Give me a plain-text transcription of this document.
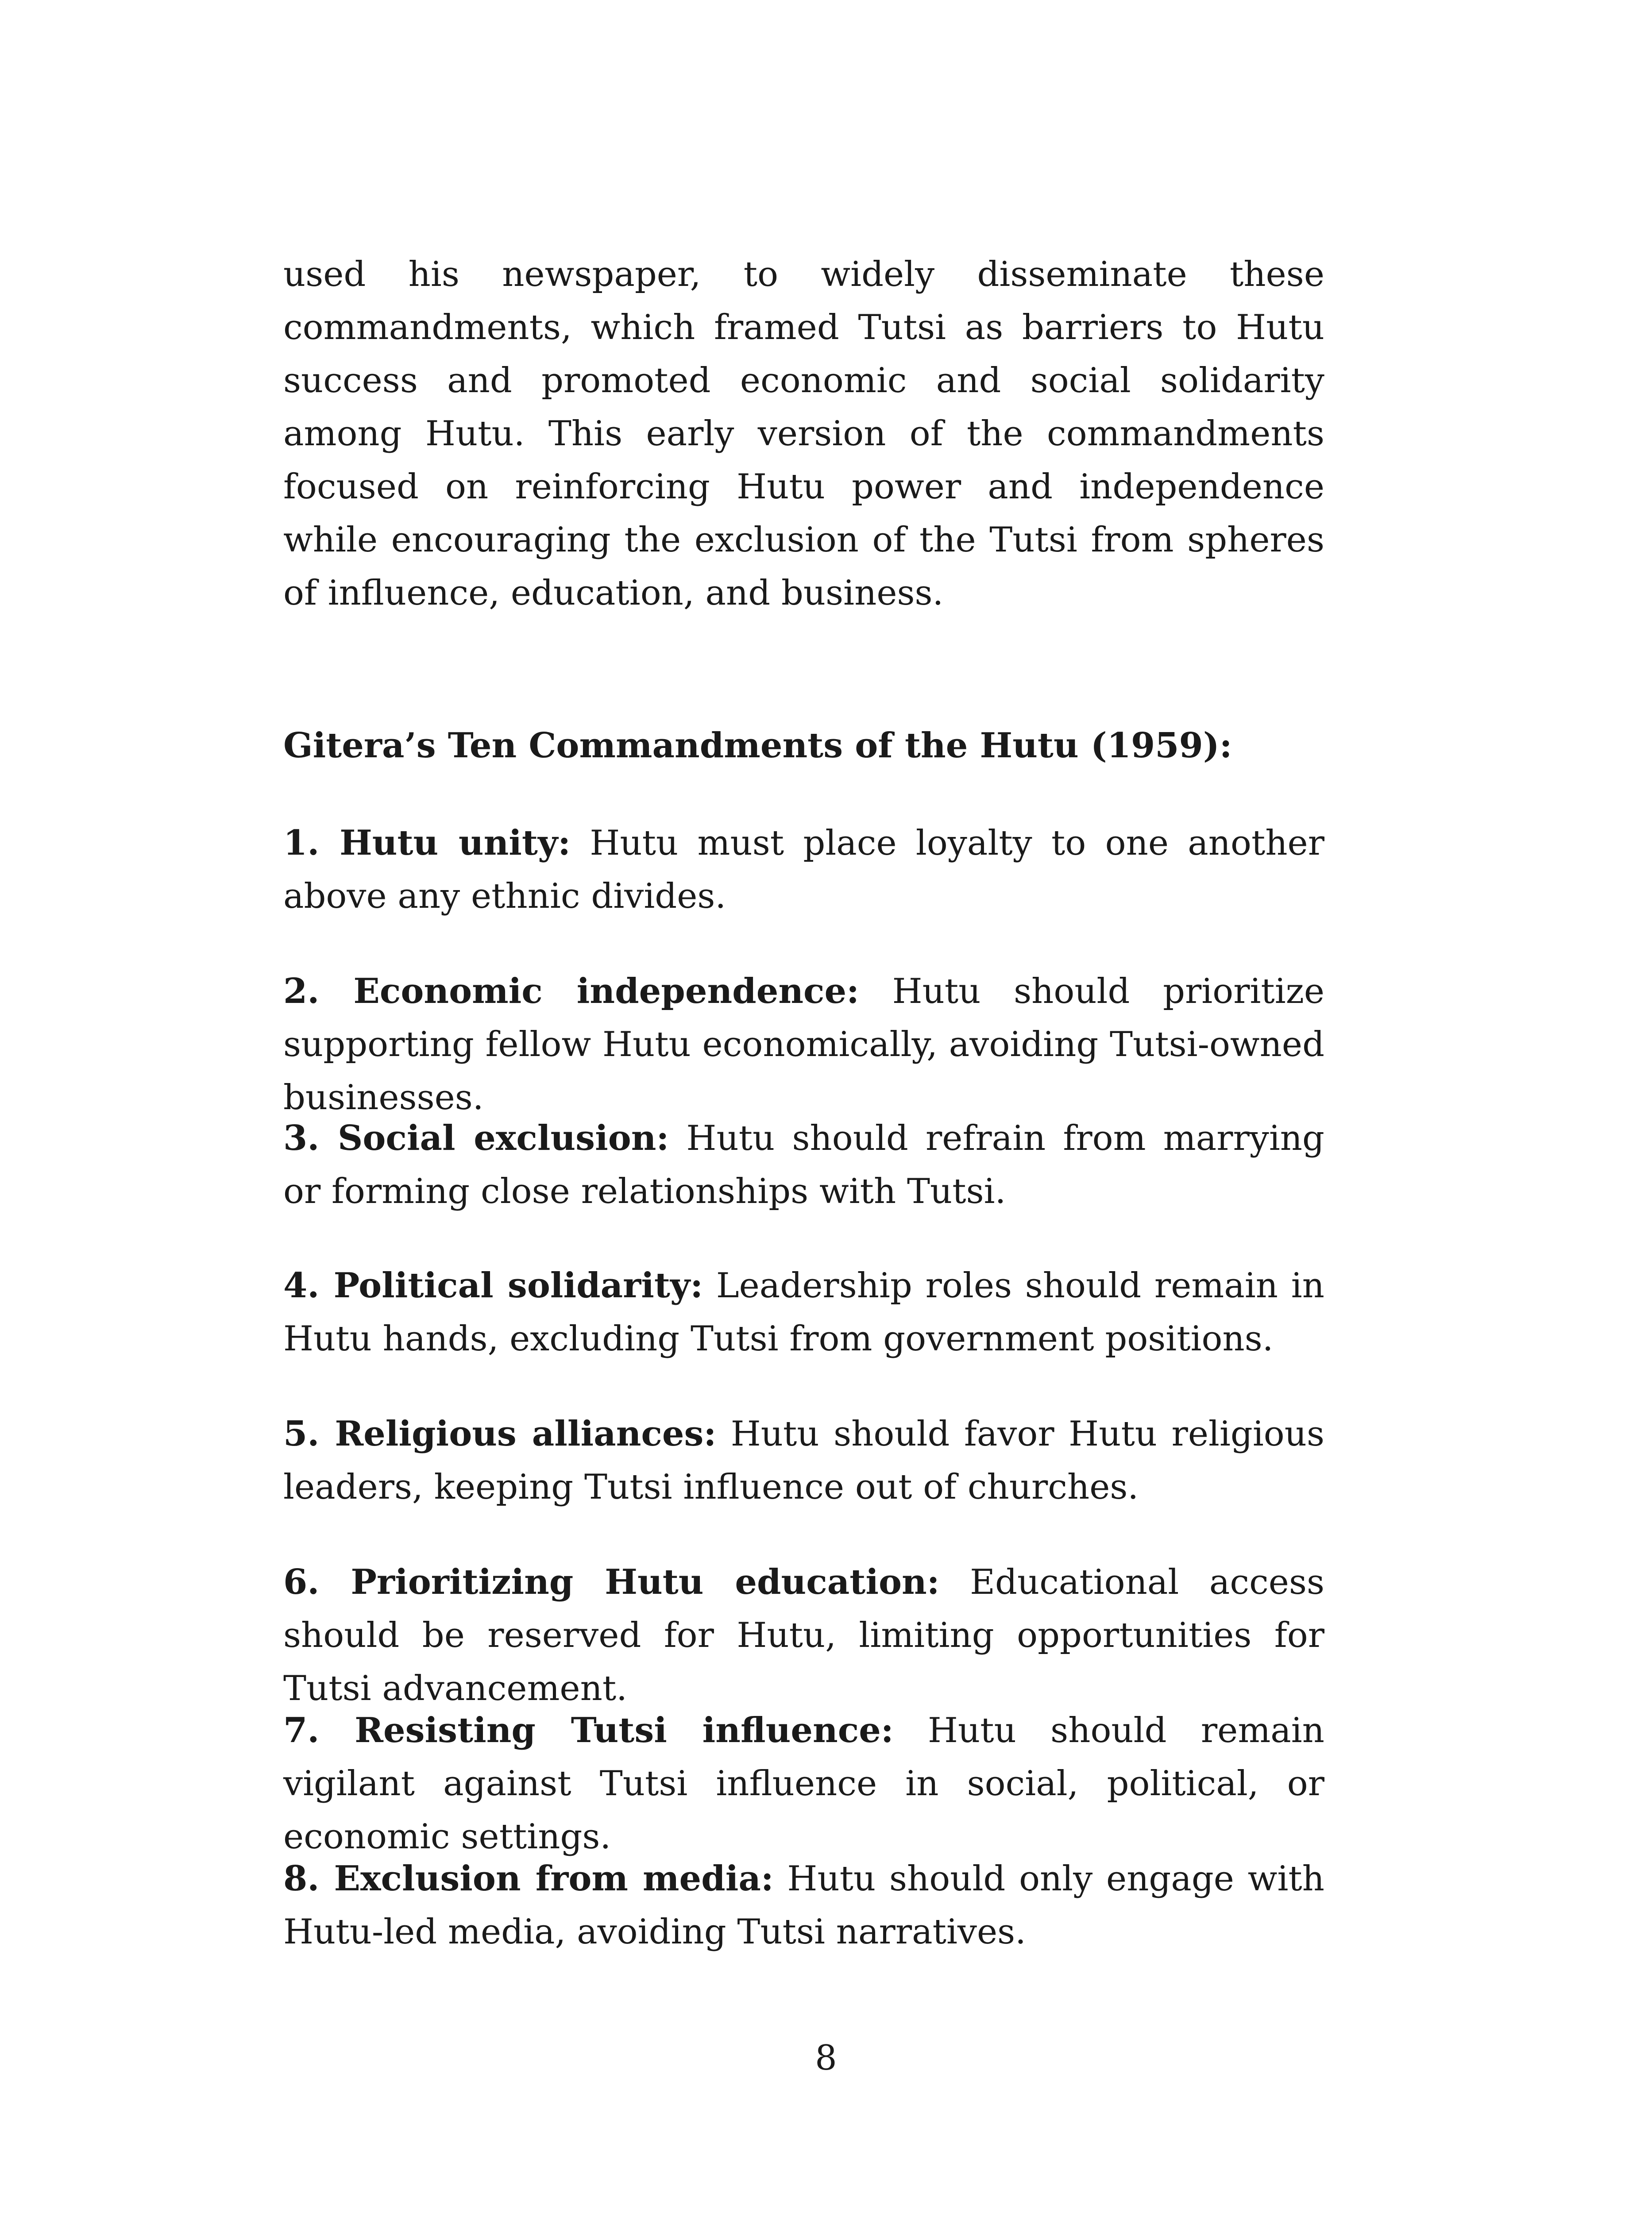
used his newspaper, to widely disseminate these commandments, which framed Tutsi as barriers to Hutu success and promoted economic and social solidarity among Hutu. This early version of the commandments focused on reinforcing Hutu power and independence while encouraging the exclusion of the Tutsi from spheres of influence, education, and business.

Gitera’s Ten Commandments of the Hutu (1959):

1. Hutu unity: Hutu must place loyalty to one another above any ethnic divides.

2. Economic independence: Hutu should prioritize supporting fellow Hutu economically, avoiding Tutsi-owned businesses.

3. Social exclusion: Hutu should refrain from marrying or forming close relationships with Tutsi.

4. Political solidarity: Leadership roles should remain in Hutu hands, excluding Tutsi from government positions.

5. Religious alliances: Hutu should favor Hutu religious leaders, keeping Tutsi influence out of churches.

6. Prioritizing Hutu education: Educational access should be reserved for Hutu, limiting opportunities for Tutsi advancement.

7. Resisting Tutsi influence: Hutu should remain vigilant against Tutsi influence in social, political, or economic settings.

8. Exclusion from media: Hutu should only engage with Hutu-led media, avoiding Tutsi narratives.

8
